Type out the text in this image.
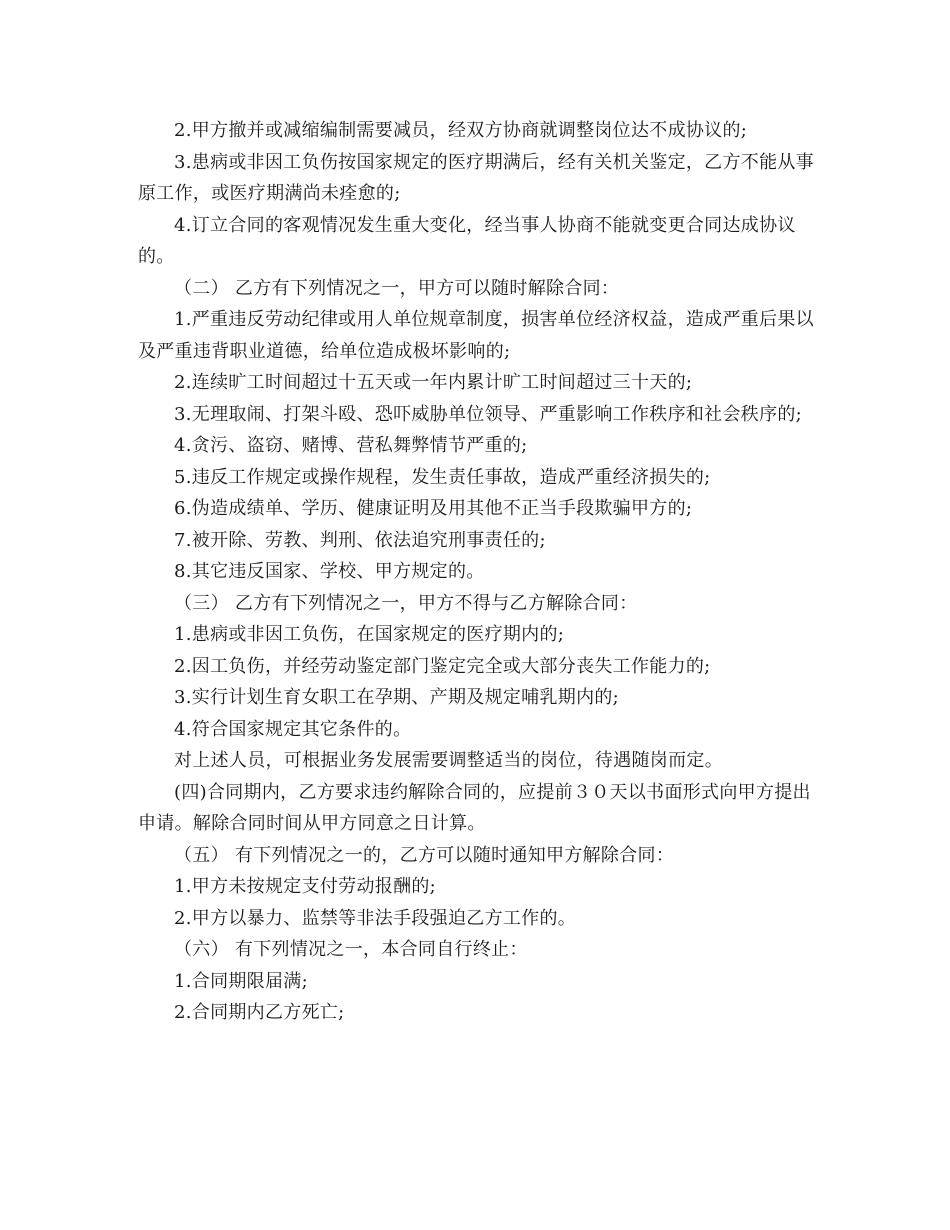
2.甲方撤并或减缩编制需要减员，经双方协商就调整岗位达不成协议的;

3.患病或非因工负伤按国家规定的医疗期满后，经有关机关鉴定，乙方不能从事原工作，或医疗期满尚未痊愈的;

4.订立合同的客观情况发生重大变化，经当事人协商不能就变更合同达成协议的。

（二） 乙方有下列情况之一，甲方可以随时解除合同：

1.严重违反劳动纪律或用人单位规章制度，损害单位经济权益，造成严重后果以及严重违背职业道德，给单位造成极坏影响的;

2.连续旷工时间超过十五天或一年内累计旷工时间超过三十天的;

3.无理取闹、打架斗殴、恐吓威胁单位领导、严重影响工作秩序和社会秩序的;

4.贪污、盗窃、赌博、营私舞弊情节严重的;

5.违反工作规定或操作规程，发生责任事故，造成严重经济损失的;

6.伪造成绩单、学历、健康证明及用其他不正当手段欺骗甲方的;

7.被开除、劳教、判刑、依法追究刑事责任的;

8.其它违反国家、学校、甲方规定的。

（三） 乙方有下列情况之一，甲方不得与乙方解除合同：

1.患病或非因工负伤，在国家规定的医疗期内的;

2.因工负伤，并经劳动鉴定部门鉴定完全或大部分丧失工作能力的;

3.实行计划生育女职工在孕期、产期及规定哺乳期内的;

4.符合国家规定其它条件的。

对上述人员，可根据业务发展需要调整适当的岗位，待遇随岗而定。

(四)合同期内，乙方要求违约解除合同的，应提前３０天以书面形式向甲方提出申请。解除合同时间从甲方同意之日计算。

（五） 有下列情况之一的，乙方可以随时通知甲方解除合同：

1.甲方未按规定支付劳动报酬的;

2.甲方以暴力、监禁等非法手段强迫乙方工作的。

（六） 有下列情况之一，本合同自行终止：

1.合同期限届满;

2.合同期内乙方死亡;
